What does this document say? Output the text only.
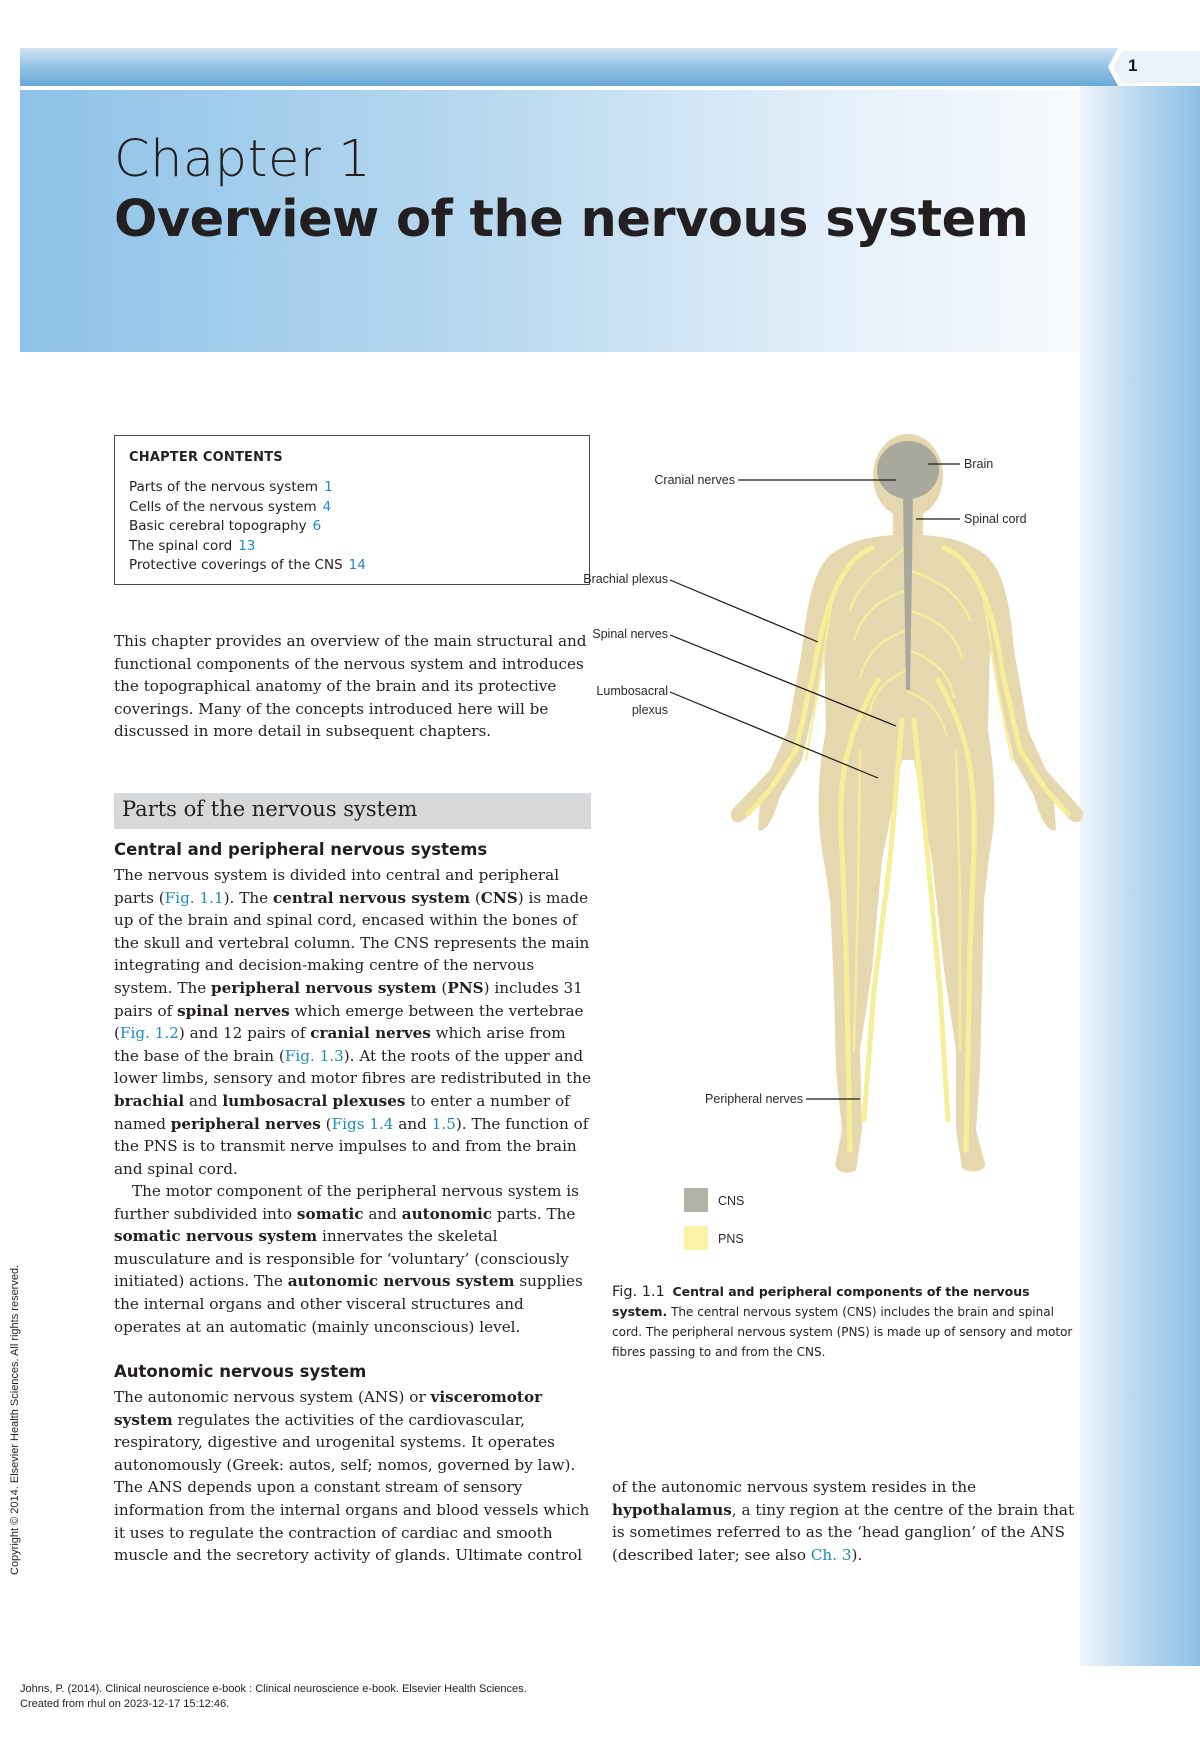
1
Chapter 1
Overview of the nervous system
CHAPTER CONTENTS
Parts of the nervous system 1
Cells of the nervous system 4
Basic cerebral topography 6
The spinal cord 13
Protective coverings of the CNS 14
This chapter provides an overview of the main structural and functional components of the nervous system and introduces the topographical anatomy of the brain and its protective coverings. Many of the concepts introduced here will be discussed in more detail in subsequent chapters.
Parts of the nervous system
Central and peripheral nervous systems
The nervous system is divided into central and peripheral parts (Fig. 1.1). The central nervous system (CNS) is made up of the brain and spinal cord, encased within the bones of the skull and vertebral column. The CNS represents the main integrating and decision-making centre of the nervous system. The peripheral nervous system (PNS) includes 31 pairs of spinal nerves which emerge between the vertebrae (Fig. 1.2) and 12 pairs of cranial nerves which arise from the base of the brain (Fig. 1.3). At the roots of the upper and lower limbs, sensory and motor fibres are redistributed in the brachial and lumbosacral plexuses to enter a number of named peripheral nerves (Figs 1.4 and 1.5). The function of the PNS is to transmit nerve impulses to and from the brain and spinal cord.
The motor component of the peripheral nervous system is further subdivided into somatic and autonomic parts. The somatic nervous system innervates the skeletal musculature and is responsible for ‘voluntary’ (consciously initiated) actions. The autonomic nervous system supplies the internal organs and other visceral structures and operates at an automatic (mainly unconscious) level.
Autonomic nervous system
The autonomic nervous system (ANS) or visceromotor system regulates the activities of the cardiovascular, respiratory, digestive and urogenital systems. It operates autonomously (Greek: autos, self; nomos, governed by law). The ANS depends upon a constant stream of sensory information from the internal organs and blood vessels which it uses to regulate the contraction of cardiac and smooth muscle and the secretory activity of glands. Ultimate control
of the autonomic nervous system resides in the hypothalamus, a tiny region at the centre of the brain that is sometimes referred to as the ‘head ganglion’ of the ANS (described later; see also Ch. 3).
Brain
Cranial nerves
Spinal cord
Brachial plexus
Spinal nerves
Lumbosacral
plexus
Peripheral nerves
CNS
PNS
Fig. 1.1 Central and peripheral components of the nervous system. The central nervous system (CNS) includes the brain and spinal cord. The peripheral nervous system (PNS) is made up of sensory and motor fibres passing to and from the CNS.
Copyright © 2014. Elsevier Health Sciences. All rights reserved.
Johns, P. (2014). Clinical neuroscience e-book : Clinical neuroscience e-book. Elsevier Health Sciences.
Created from rhul on 2023-12-17 15:12:46.
